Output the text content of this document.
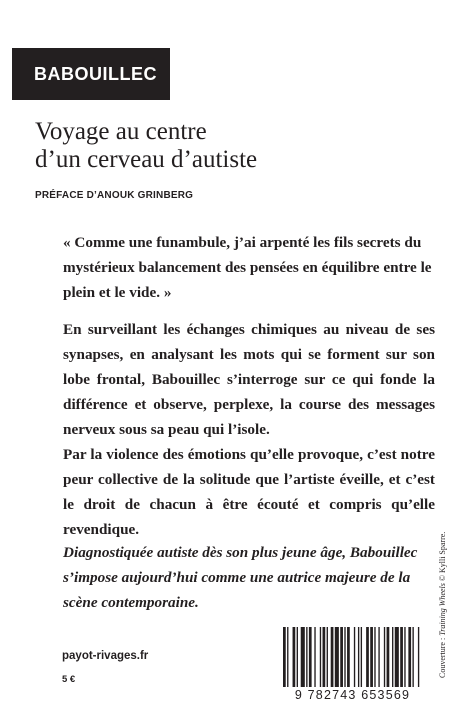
BABOUILLEC
Voyage au centre
d’un cerveau d’autiste
PRÉFACE D’ANOUK GRINBERG
« Comme une funambule, j’ai arpenté les fils secrets du mystérieux balancement des pensées en équilibre entre le plein et le vide. »

En surveillant les échanges chimiques au niveau de ses synapses, en analysant les mots qui se forment sur son lobe frontal, Babouillec s’interroge sur ce qui fonde la différence et observe, perplexe, la course des messages nerveux sous sa peau qui l’isole.

Par la violence des émotions qu’elle provoque, c’est notre peur collective de la solitude que l’artiste éveille, et c’est le droit de chacun à être écouté et compris qu’elle revendique.

Diagnostiquée autiste dès son plus jeune âge, Babouillec s’impose aujourd’hui comme une autrice majeure de la scène contemporaine.
payot-rivages.fr
5 €
9 782743 653569
Couverture : Training Wheels © Kylli Sparre.
